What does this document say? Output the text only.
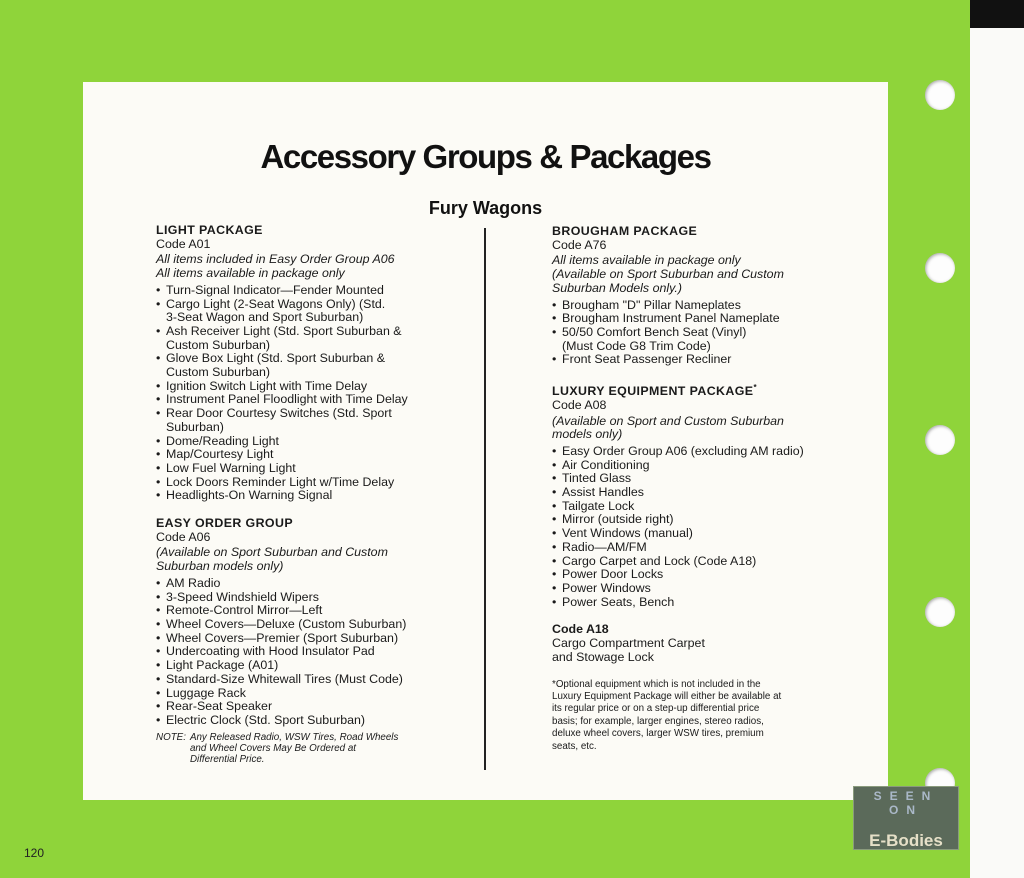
Accessory Groups & Packages
Fury Wagons
LIGHT PACKAGE
Code A01
All items included in Easy Order Group A06
All items available in package only
• Turn-Signal Indicator—Fender Mounted
• Cargo Light (2-Seat Wagons Only) (Std.
3-Seat Wagon and Sport Suburban)
• Ash Receiver Light (Std. Sport Suburban &
Custom Suburban)
• Glove Box Light (Std. Sport Suburban &
Custom Suburban)
• Ignition Switch Light with Time Delay
• Instrument Panel Floodlight with Time Delay
• Rear Door Courtesy Switches (Std. Sport
Suburban)
• Dome/Reading Light
• Map/Courtesy Light
• Low Fuel Warning Light
• Lock Doors Reminder Light w/Time Delay
• Headlights-On Warning Signal
EASY ORDER GROUP
Code A06
(Available on Sport Suburban and Custom
Suburban models only)
• AM Radio
• 3-Speed Windshield Wipers
• Remote-Control Mirror—Left
• Wheel Covers—Deluxe (Custom Suburban)
• Wheel Covers—Premier (Sport Suburban)
• Undercoating with Hood Insulator Pad
• Light Package (A01)
• Standard-Size Whitewall Tires (Must Code)
• Luggage Rack
• Rear-Seat Speaker
• Electric Clock (Std. Sport Suburban)
NOTE: Any Released Radio, WSW Tires, Road Wheels
and Wheel Covers May Be Ordered at
Differential Price.
BROUGHAM PACKAGE
Code A76
All items available in package only
(Available on Sport Suburban and Custom
Suburban Models only.)
• Brougham "D" Pillar Nameplates
• Brougham Instrument Panel Nameplate
• 50/50 Comfort Bench Seat (Vinyl)
(Must Code G8 Trim Code)
• Front Seat Passenger Recliner
LUXURY EQUIPMENT PACKAGE*
Code A08
(Available on Sport and Custom Suburban
models only)
• Easy Order Group A06 (excluding AM radio)
• Air Conditioning
• Tinted Glass
• Assist Handles
• Tailgate Lock
• Mirror (outside right)
• Vent Windows (manual)
• Radio—AM/FM
• Cargo Carpet and Lock (Code A18)
• Power Door Locks
• Power Windows
• Power Seats, Bench
Code A18
Cargo Compartment Carpet
and Stowage Lock
*Optional equipment which is not included in the
Luxury Equipment Package will either be available at
its regular price or on a step-up differential price
basis; for example, larger engines, stereo radios,
deluxe wheel covers, larger WSW tires, premium
seats, etc.
120
SEEN ON
E-Bodies
